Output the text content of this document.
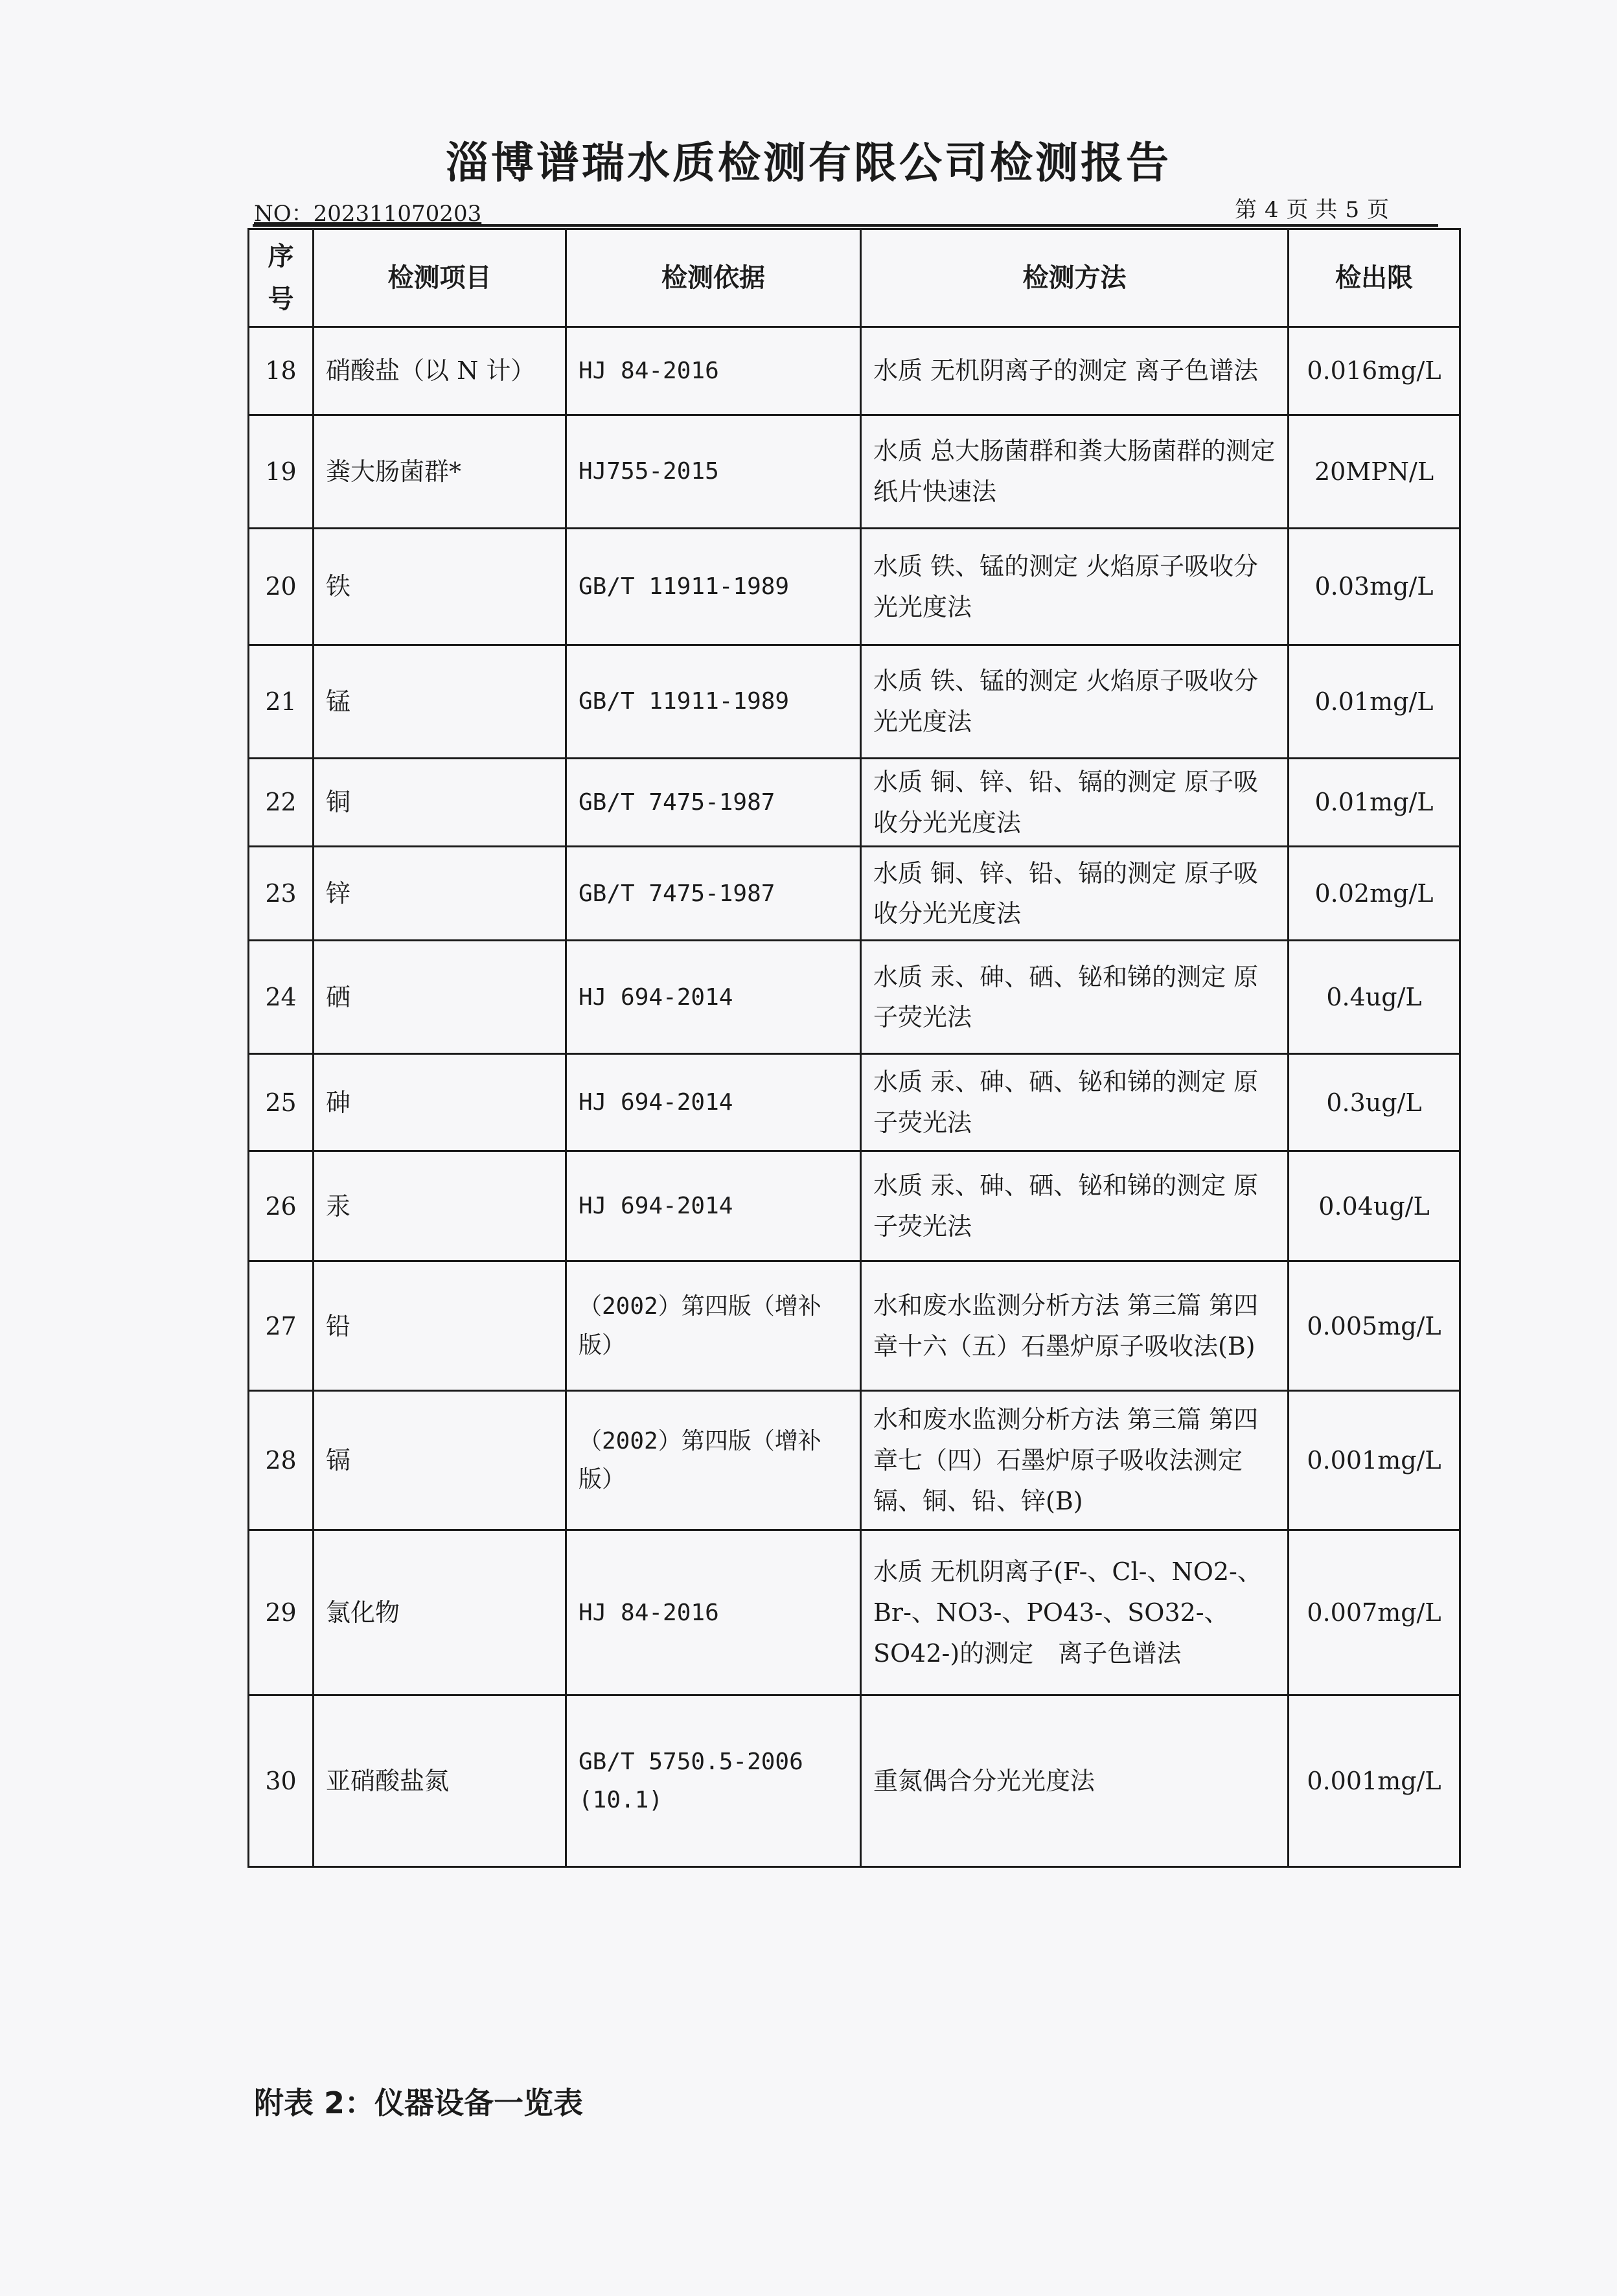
淄博谱瑞水质检测有限公司检测报告
NO：202311070203	第 4 页 共 5 页
序号	检测项目	检测依据	检测方法	检出限
18	硝酸盐（以 N 计）	HJ 84-2016	水质 无机阴离子的测定 离子色谱法	0.016mg/L
19	粪大肠菌群*	HJ755-2015	水质 总大肠菌群和粪大肠菌群的测定　纸片快速法	20MPN/L
20	铁	GB/T 11911-1989	水质 铁、锰的测定 火焰原子吸收分光光度法	0.03mg/L
21	锰	GB/T 11911-1989	水质 铁、锰的测定 火焰原子吸收分光光度法	0.01mg/L
22	铜	GB/T 7475-1987	水质 铜、锌、铅、镉的测定 原子吸收分光光度法	0.01mg/L
23	锌	GB/T 7475-1987	水质 铜、锌、铅、镉的测定 原子吸收分光光度法	0.02mg/L
24	硒	HJ 694-2014	水质 汞、砷、硒、铋和锑的测定 原子荧光法	0.4ug/L
25	砷	HJ 694-2014	水质 汞、砷、硒、铋和锑的测定 原子荧光法	0.3ug/L
26	汞	HJ 694-2014	水质 汞、砷、硒、铋和锑的测定 原子荧光法	0.04ug/L
27	铅	（2002）第四版（增补版）	水和废水监测分析方法 第三篇 第四章十六（五）石墨炉原子吸收法(B)	0.005mg/L
28	镉	（2002）第四版（增补版）	水和废水监测分析方法 第三篇 第四章七（四）石墨炉原子吸收法测定镉、铜、铅、锌(B)	0.001mg/L
29	氯化物	HJ 84-2016	水质 无机阴离子(F-、Cl-、NO2-、Br-、NO3-、PO43-、SO32-、SO42-)的测定　离子色谱法	0.007mg/L
30	亚硝酸盐氮	GB/T 5750.5-2006 (10.1)	重氮偶合分光光度法	0.001mg/L
附表 2：仪器设备一览表
